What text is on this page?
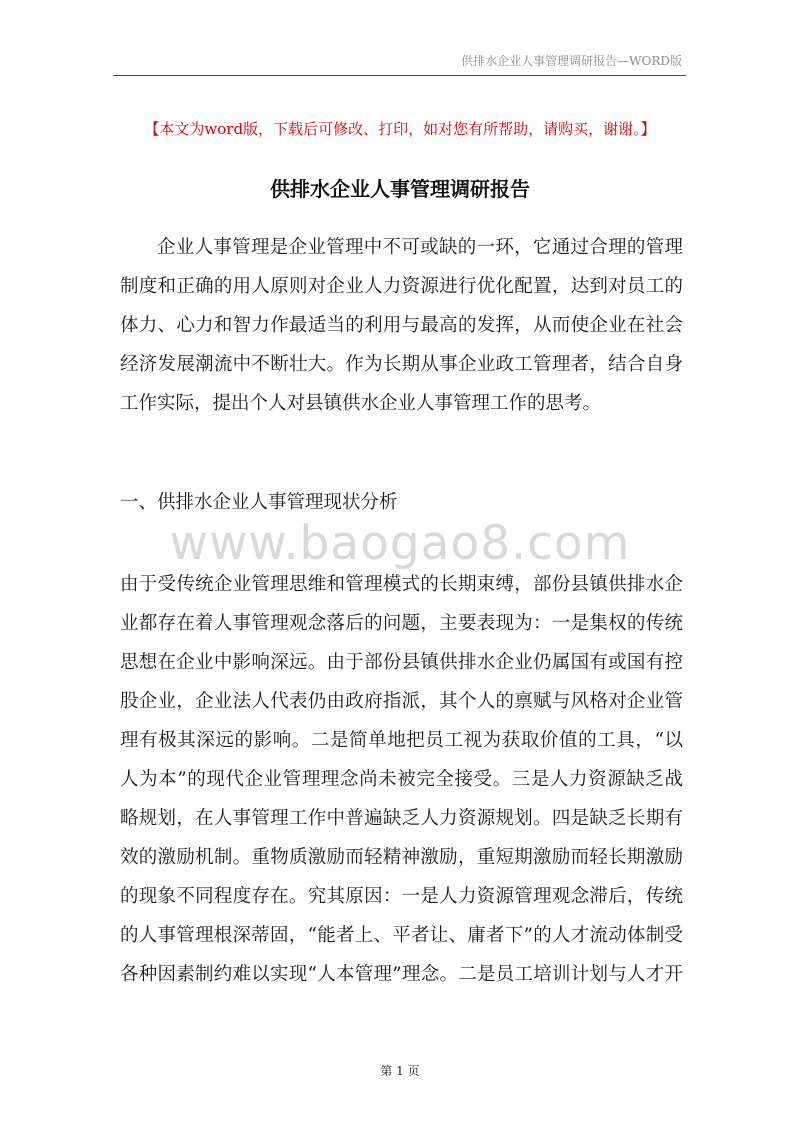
供排水企业人事管理调研报告—WORD版
【本文为word版，下载后可修改、打印，如对您有所帮助，请购买，谢谢。】
供排水企业人事管理调研报告
企业人事管理是企业管理中不可或缺的一环，它通过合理的管理
制度和正确的用人原则对企业人力资源进行优化配置，达到对员工的
体力、心力和智力作最适当的利用与最高的发挥，从而使企业在社会
经济发展潮流中不断壮大。作为长期从事企业政工管理者，结合自身
工作实际，提出个人对县镇供水企业人事管理工作的思考。
一、供排水企业人事管理现状分析
www.baogao8.com
由于受传统企业管理思维和管理模式的长期束缚，部份县镇供排水企
业都存在着人事管理观念落后的问题，主要表现为：一是集权的传统
思想在企业中影响深远。由于部份县镇供排水企业仍属国有或国有控
股企业，企业法人代表仍由政府指派，其个人的禀赋与风格对企业管
理有极其深远的影响。二是简单地把员工视为获取价值的工具，“以
人为本”的现代企业管理理念尚未被完全接受。三是人力资源缺乏战
略规划，在人事管理工作中普遍缺乏人力资源规划。四是缺乏长期有
效的激励机制。重物质激励而轻精神激励，重短期激励而轻长期激励
的现象不同程度存在。究其原因：一是人力资源管理观念滞后，传统
的人事管理根深蒂固，“能者上、平者让、庸者下”的人才流动体制受
各种因素制约难以实现“人本管理”理念。二是员工培训计划与人才开
第 1 页
